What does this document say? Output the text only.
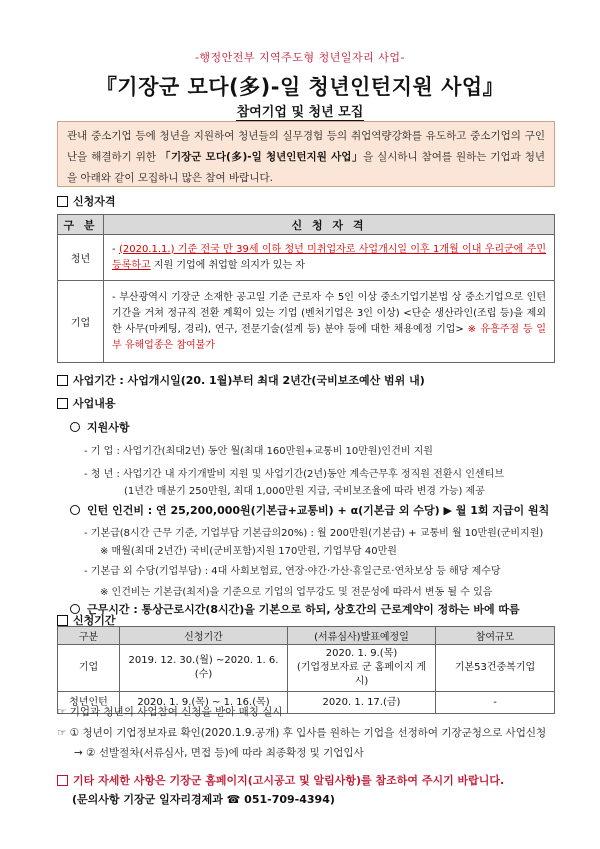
-행정안전부 지역주도형 청년일자리 사업-
『기장군 모다(多)-일 청년인턴지원 사업』
참여기업 및 청년 모집
관내 중소기업 등에 청년을 지원하여 청년들의 실무경험 등의 취업역량강화를 유도하고 중소기업의 구인난을 해결하기 위한 「기장군 모다(多)-일 청년인턴지원 사업」을 실시하니 참여를 원하는 기업과 청년을 아래와 같이 모집하니 많은 참여 바랍니다.
신청자격
구 분	신 청 자 격
청년	- (2020.1.1.) 기준 전국 만 39세 이하 청년 미취업자로 사업개시일 이후 1개월 이내 우리군에 주민등록하고 지원 기업에 취업할 의지가 있는 자
기업	- 부산광역시 기장군 소재한 공고일 기준 근로자 수 5인 이상 중소기업기본법 상 중소기업으로 인턴기간을 거쳐 정규직 전환 계획이 있는 기업 (벤처기업은 3인 이상) <단순 생산라인(조립 등)을 제외한 사무(마케팅, 경리), 연구, 전문기술(설계 등) 분야 등에 대한 채용예정 기업> ※ 유흥주점 등 일부 유해업종은 참여불가
사업기간 : 사업개시일(20. 1월)부터 최대 2년간(국비보조예산 범위 내)
사업내용
지원사항
- 기 업 : 사업기간(최대2년) 동안 월(최대 160만원+교통비 10만원)인건비 지원
- 청 년 : 사업기간 내 자기개발비 지원 및 사업기간(2년)동안 계속근무후 정직원 전환시 인센티브
(1년간 매분기 250만원, 최대 1,000만원 지급, 국비보조율에 따라 변경 가능) 제공
인턴 인건비 : 연 25,200,000원(기본급+교통비) + α(기본급 외 수당) ▶ 월 1회 지급이 원칙
- 기본급(8시간 근무 기준, 기업부담 기본급의20%) : 월 200만원(기본급) + 교통비 월 10만원(군비지원)
※ 매월(최대 2년간) 국비(군비포함)지원 170만원, 기업부담 40만원
- 기본급 외 수당(기업부담) : 4대 사회보험료, 연장·야간·가산·휴일근로·연차보상 등 해당 제수당
※ 인건비는 기본급(최저)을 기준으로 기업의 업무강도 및 전문성에 따라서 변동 될 수 있음
근무시간 : 통상근로시간(8시간)을 기본으로 하되, 상호간의 근로계약이 정하는 바에 따름
신청기간
구분	신청기간	(서류심사)발표예정일	참여규모
기업	2019. 12. 30.(월) ~2020. 1. 6.(수)	2020. 1. 9.(목)
(기업정보자료 군 홈페이지 게시)	기본53건중복기업
청년인턴	2020. 1. 9.(목) ~ 1. 16.(목)	2020. 1. 17.(금)	-
☞ 기업과 청년의 사업참여 신청을 받아 매칭 실시
☞ ① 청년이 기업정보자료 확인(2020.1.9.공개) 후 입사를 원하는 기업을 선정하여 기장군청으로 사업신청
→ ② 선발절차(서류심사, 면접 등)에 따라 최종확정 및 기업입사
기타 자세한 사항은 기장군 홈페이지(고시공고 및 알림사항)를 참조하여 주시기 바랍니다.
(문의사항 기장군 일자리경제과 ☎ 051-709-4394)
